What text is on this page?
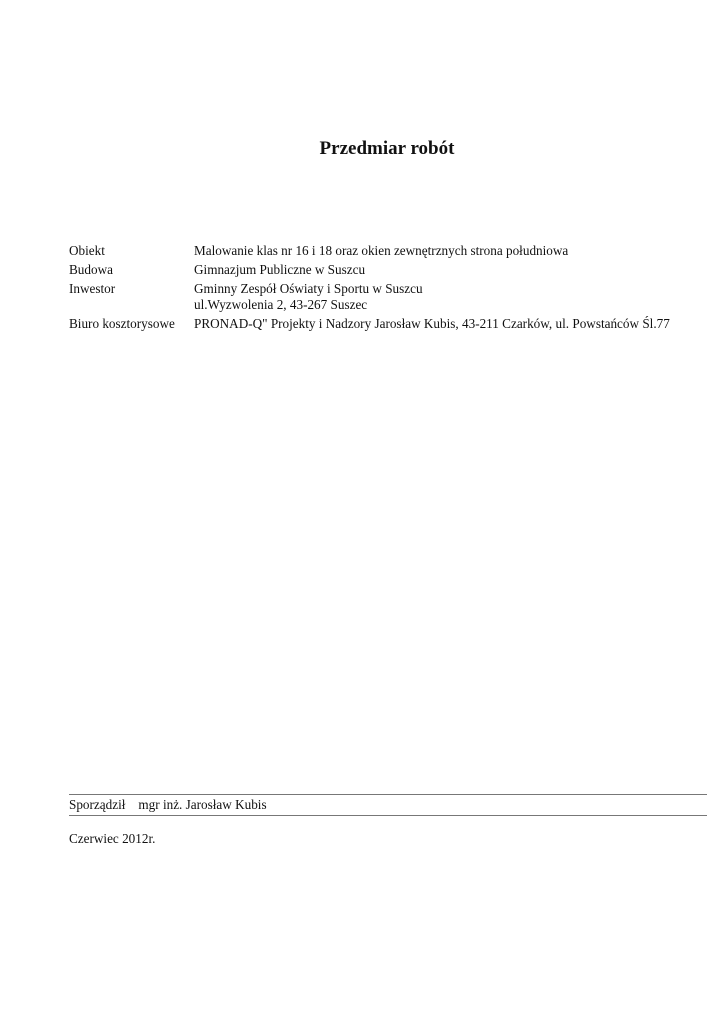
Przedmiar robót
Obiekt	Malowanie klas nr 16 i 18 oraz okien zewnętrznych strona południowa
Budowa	Gimnazjum Publiczne w Suszcu
Inwestor	Gminny Zespół Oświaty i Sportu w Suszcu
ul.Wyzwolenia 2, 43-267 Suszec
Biuro kosztorysowe	PRONAD-Q" Projekty i Nadzory Jarosław Kubis, 43-211 Czarków, ul. Powstańców Śl.77
Sporządził mgr inż. Jarosław Kubis
Czerwiec 2012r.
